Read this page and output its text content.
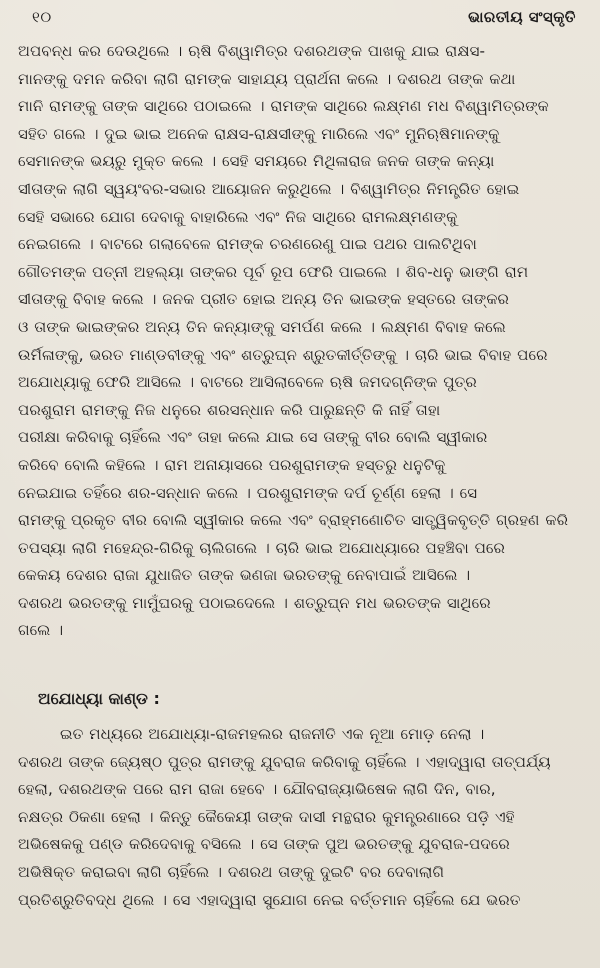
୧୦	ଭାରତୀୟ ସଂସ୍କୃତି
ଅପବନ୍ଧ କର ଦେଉଥିଲେ । ଋଷି ବିଶ୍ୱାମିତ୍ର ଦଶରଥଙ୍କ ପାଖକୁ ଯାଇ ରାକ୍ଷସ-
ମାନଙ୍କୁ ଦମନ କରିବା ଲାଗି ରାମଙ୍କ ସାହାଯ୍ୟ ପ୍ରାର୍ଥନା କଲେ । ଦଶରଥ ତାଙ୍କ କଥା
ମାନି ରାମଙ୍କୁ ତାଙ୍କ ସାଥିରେ ପଠାଇଲେ । ରାମଙ୍କ ସାଥିରେ ଲକ୍ଷ୍ମଣ ମଧ ବିଶ୍ୱାମିତ୍ରଙ୍କ
ସହିତ ଗଲେ । ଦୁଇ ଭାଇ ଅନେକ ରାକ୍ଷସ-ରାକ୍ଷସୀଙ୍କୁ ମାରିଲେ ଏବଂ ମୁନିଋଷିମାନଙ୍କୁ
ସେମାନଙ୍କ ଭୟରୁ ମୁକ୍ତ କଲେ । ସେହି ସମୟରେ ମିଥିଳାରାଜ ଜନକ ତାଙ୍କ କନ୍ୟା
ସୀତାଙ୍କ ଲାଗି ସ୍ୱୟଂବର-ସଭାର ଆୟୋଜନ କରୁଥିଲେ । ବିଶ୍ୱାମିତ୍ର ନିମନ୍ତ୍ରିତ ହୋଇ
ସେହି ସଭାରେ ଯୋଗ ଦେବାକୁ ବାହାରିଲେ ଏବଂ ନିଜ ସାଥିରେ ରାମଲକ୍ଷ୍ମଣଙ୍କୁ
ନେଇଗଲେ । ବାଟରେ ଗଲାବେଳେ ରାମଙ୍କ ଚରଣରେଣୁ ପାଇ ପଥର ପାଲଟିଥିବା
ଗୌତମଙ୍କ ପତ୍ନୀ ଅହଲ୍ୟା ତାଙ୍କର ପୂର୍ବ ରୂପ ଫେରି ପାଇଲେ । ଶିବ-ଧନୁ ଭାଙ୍ଗି ରାମ
ସୀତାଙ୍କୁ ବିବାହ କଲେ । ଜନକ ପ୍ରୀତ ହୋଇ ଅନ୍ୟ ତିନ ଭାଇଙ୍କ ହସ୍ତରେ ତାଙ୍କର
ଓ ତାଙ୍କ ଭାଇଙ୍କର ଅନ୍ୟ ତିନ କନ୍ୟାଙ୍କୁ ସମର୍ପଣ କଲେ । ଲକ୍ଷ୍ମଣ ବିବାହ କଲେ
ଉର୍ମିଳାଙ୍କୁ, ଭରତ ମାଣ୍ଡବୀଙ୍କୁ ଏବଂ ଶତ୍ରୁଘ୍ନ ଶ୍ରୁତକୀର୍ତ୍ତିଙ୍କୁ । ଚାରି ଭାଇ ବିବାହ ପରେ
ଅଯୋଧ୍ୟାକୁ ଫେରି ଆସିଲେ । ବାଟରେ ଆସିଲାବେଳେ ଋଷି ଜମଦଗ୍ନିଙ୍କ ପୁତ୍ର
ପରଶୁରାମ ରାମଙ୍କୁ ନିଜ ଧନୁରେ ଶରସନ୍ଧାନ କରି ପାରୁଛନ୍ତି କି ନାହିଁ ତାହା
ପରୀକ୍ଷା କରିବାକୁ ଚାହିଁଲେ ଏବଂ ତାହା କଲେ ଯାଇ ସେ ତାଙ୍କୁ ବୀର ବୋଲି ସ୍ୱୀକାର
କରିବେ ବୋଲି କହିଲେ । ରାମ ଅନାୟାସରେ ପରଶୁରାମଙ୍କ ହସ୍ତରୁ ଧନୁଟିକୁ
ନେଇଯାଇ ତହିଁରେ ଶର-ସନ୍ଧାନ କଲେ । ପରଶୁରାମଙ୍କ ଦର୍ପ ଚୂର୍ଣ୍ଣ ହେଲା । ସେ
ରାମଙ୍କୁ ପ୍ରକୃତ ବୀର ବୋଲି ସ୍ୱୀକାର କଲେ ଏବଂ ବ୍ରାହ୍ମଣୋଚିତ ସାତ୍ତ୍ୱିକବୃତ୍ତି ଗ୍ରହଣ କରି
ତପସ୍ୟା ଲାଗି ମହେନ୍ଦ୍ର-ଗିରିକୁ ଚାଲିଗଲେ । ଚାରି ଭାଇ ଅଯୋଧ୍ୟାରେ ପହଞ୍ଚିବା ପରେ
କେକୟ ଦେଶର ରାଜା ଯୁଧାଜିତ ତାଙ୍କ ଭଣଜା ଭରତଙ୍କୁ ନେବାପାଇଁ ଆସିଲେ ।
ଦଶରଥ ଭରତଙ୍କୁ ମାମୁଁଘରକୁ ପଠାଇଦେଲେ । ଶତ୍ରୁଘ୍ନ ମଧ ଭରତଙ୍କ ସାଥିରେ
ଗଲେ ।
ଅଯୋଧ୍ୟା କାଣ୍ଡ :
ଇତ ମଧ୍ୟରେ ଅଯୋଧ୍ୟା-ରାଜମହଲର ରାଜନୀତି ଏକ ନୂଆ ମୋଡ଼ ନେଲା ।
ଦଶରଥ ତାଙ୍କ ଜ୍ୟେଷ୍ଠ ପୁତ୍ର ରାମଙ୍କୁ ଯୁବରାଜ କରିବାକୁ ଚାହିଁଲେ । ଏହାଦ୍ୱାରା ତାତ୍ପର୍ଯ୍ୟ
ହେଲା, ଦଶରଥଙ୍କ ପରେ ରାମ ରାଜା ହେବେ । ଯୌବରାଜ୍ୟାଭିଷେକ ଲାଗି ଦିନ, ବାର,
ନକ୍ଷତ୍ର ଠିକଣା ହେଲା । କିନ୍ତୁ କୈକେୟୀ ତାଙ୍କ ଦାସୀ ମନ୍ଥରାର କୁମନ୍ତ୍ରଣାରେ ପଡ଼ି ଏହି
ଅଭିଷେକକୁ ପଣ୍ଡ କରିଦେବାକୁ ବସିଲେ । ସେ ତାଙ୍କ ପୁଅ ଭରତଙ୍କୁ ଯୁବରାଜ-ପଦରେ
ଅଭିଷିକ୍ତ କରାଇବା ଲାଗି ଚାହିଁଲେ । ଦଶରଥ ତାଙ୍କୁ ଦୁଇଟି ବର ଦେବାଲାଗି
ପ୍ରତିଶ୍ରୁତିବଦ୍ଧ ଥିଲେ । ସେ ଏହାଦ୍ୱାରା ସୁଯୋଗ ନେଇ ବର୍ତ୍ତମାନ ଚାହିଁଲେ ଯେ ଭରତ
